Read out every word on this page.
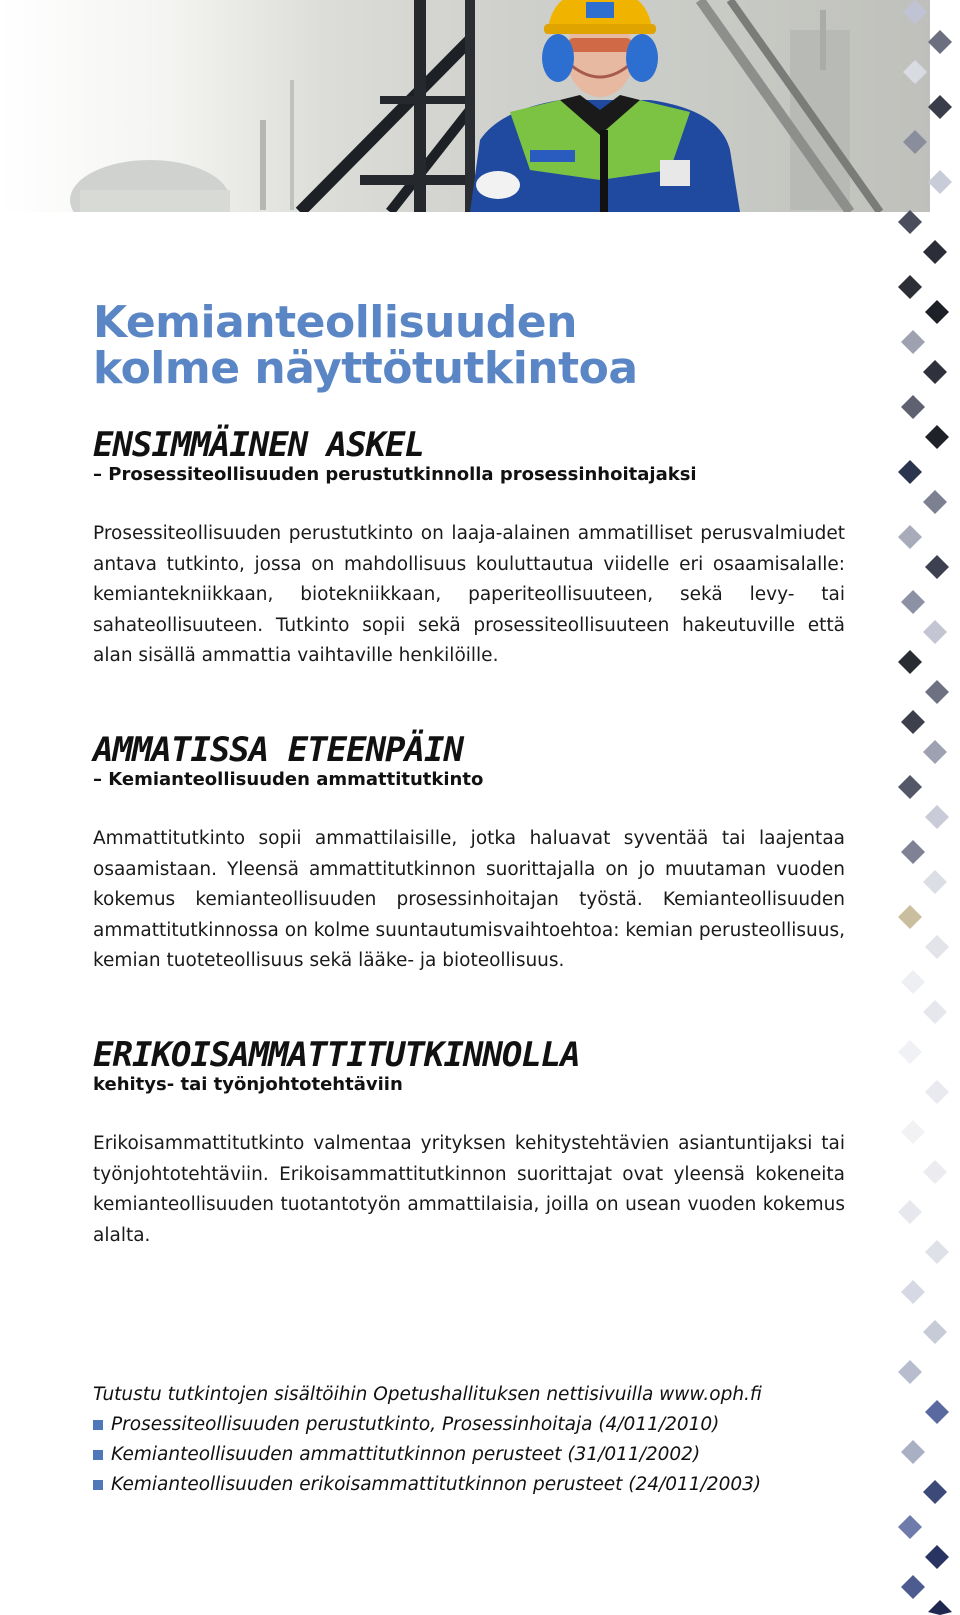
Kemianteollisuuden
kolme näyttötutkintoa
ENSIMMÄINEN ASKEL

– Prosessiteollisuuden perustutkinnolla prosessinhoitajaksi

Prosessiteollisuuden perustutkinto on laaja-alainen ammatilliset perusvalmiudet antava tutkinto, jossa on mahdollisuus kouluttautua viidelle eri osaamisalalle: kemiantekniikkaan, biotekniikkaan, paperiteollisuuteen, sekä levy- tai sahateollisuuteen. Tutkinto sopii sekä prosessiteollisuuteen hakeutuville että alan sisällä ammattia vaihtaville henkilöille.

AMMATISSA ETEENPÄIN

– Kemianteollisuuden ammattitutkinto

Ammattitutkinto sopii ammattilaisille, jotka haluavat syventää tai laajentaa osaamistaan. Yleensä ammattitutkinnon suorittajalla on jo muutaman vuoden kokemus kemianteollisuuden prosessinhoitajan työstä. Kemianteollisuuden ammattitutkinnossa on kolme suuntautumisvaihtoehtoa: kemian perusteollisuus, kemian tuoteteollisuus sekä lääke- ja bioteollisuus.

ERIKOISAMMATTITUTKINNOLLA

kehitys- tai työnjohtotehtäviin

Erikoisammattitutkinto valmentaa yrityksen kehitystehtävien asiantuntijaksi tai työnjohtotehtäviin. Erikoisammattitutkinnon suorittajat ovat yleensä kokeneita kemianteollisuuden tuotantotyön ammattilaisia, joilla on usean vuoden kokemus alalta.

Tutustu tutkintojen sisältöihin Opetushallituksen nettisivuilla www.oph.fi

Prosessiteollisuuden perustutkinto, Prosessinhoitaja (4/011/2010)
Kemianteollisuuden ammattitutkinnon perusteet (31/011/2002)
Kemianteollisuuden erikoisammattitutkinnon perusteet (24/011/2003)
